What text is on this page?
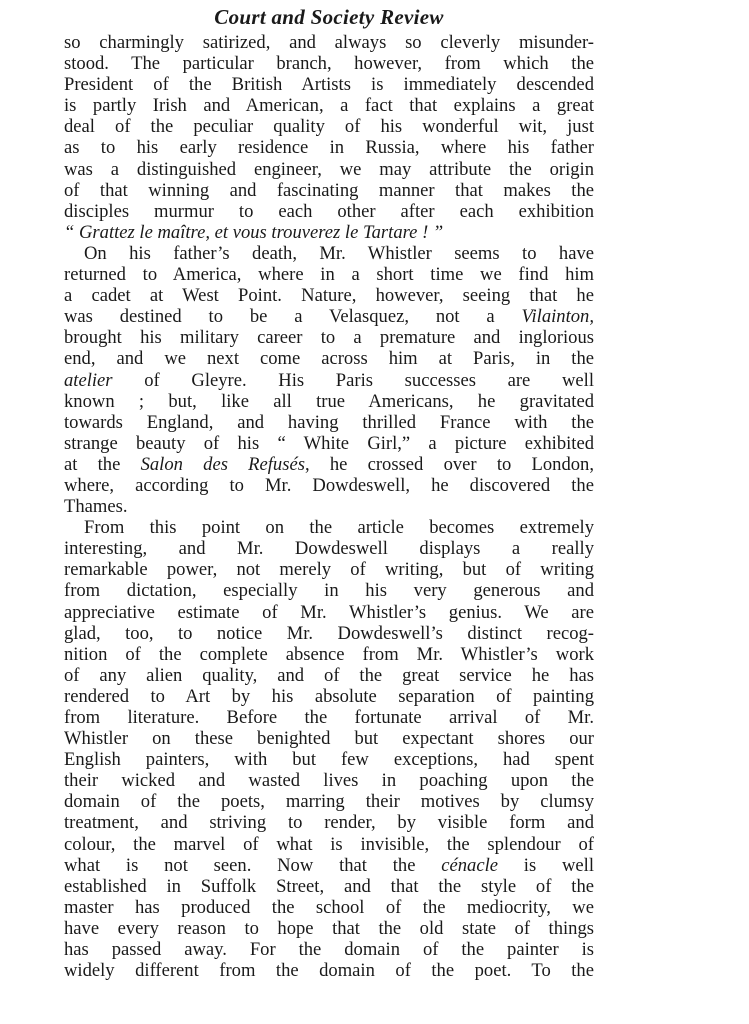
Court and Society Review
so charmingly satirized, and always so cleverly misunder-
stood. The particular branch, however, from which the
President of the British Artists is immediately descended
is partly Irish and American, a fact that explains a great
deal of the peculiar quality of his wonderful wit, just
as to his early residence in Russia, where his father
was a distinguished engineer, we may attribute the origin
of that winning and fascinating manner that makes the
disciples murmur to each other after each exhibition
“ Grattez le maître, et vous trouverez le Tartare ! ”
On his father’s death, Mr. Whistler seems to have
returned to America, where in a short time we find him
a cadet at West Point. Nature, however, seeing that he
was destined to be a Velasquez, not a Vilainton,
brought his military career to a premature and inglorious
end, and we next come across him at Paris, in the
atelier of Gleyre. His Paris successes are well
known ; but, like all true Americans, he gravitated
towards England, and having thrilled France with the
strange beauty of his “ White Girl,” a picture exhibited
at the Salon des Refusés, he crossed over to London,
where, according to Mr. Dowdeswell, he discovered the
Thames.
From this point on the article becomes extremely
interesting, and Mr. Dowdeswell displays a really
remarkable power, not merely of writing, but of writing
from dictation, especially in his very generous and
appreciative estimate of Mr. Whistler’s genius. We are
glad, too, to notice Mr. Dowdeswell’s distinct recog-
nition of the complete absence from Mr. Whistler’s work
of any alien quality, and of the great service he has
rendered to Art by his absolute separation of painting
from literature. Before the fortunate arrival of Mr.
Whistler on these benighted but expectant shores our
English painters, with but few exceptions, had spent
their wicked and wasted lives in poaching upon the
domain of the poets, marring their motives by clumsy
treatment, and striving to render, by visible form and
colour, the marvel of what is invisible, the splendour of
what is not seen. Now that the cénacle is well
established in Suffolk Street, and that the style of the
master has produced the school of the mediocrity, we
have every reason to hope that the old state of things
has passed away. For the domain of the painter is
widely different from the domain of the poet. To the
